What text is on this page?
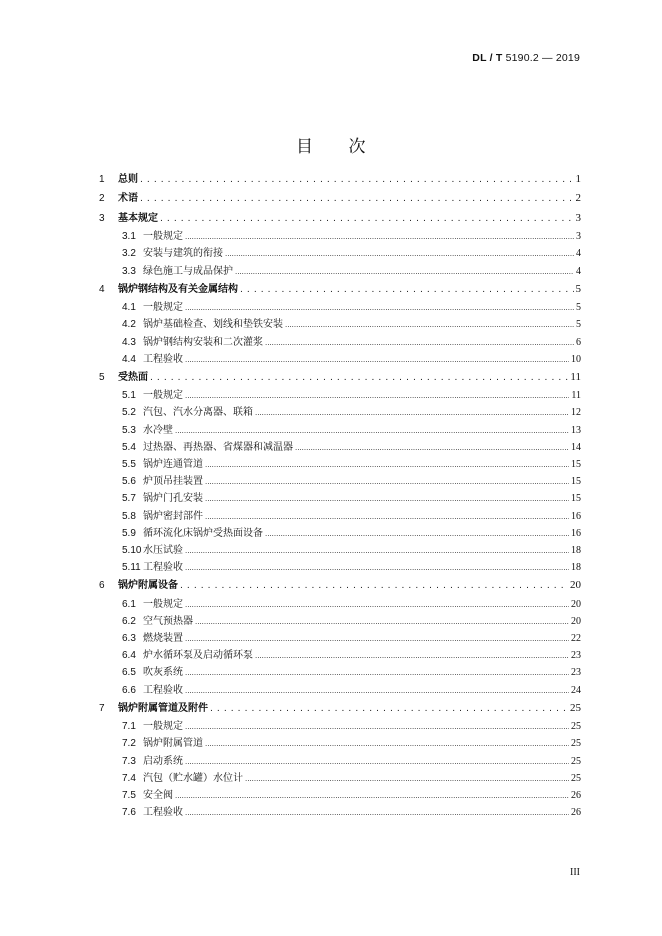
DL / T 5190.2 — 2019
目　　次
1	总则 . . .	1
2	术语 . . .	2
3	基本规定 . . .	3
3.1 一般规定 .....	3
3.2 安装与建筑的衔接 .....	4
3.3 绿色施工与成品保护 .....	4
4	锅炉钢结构及有关金属结构 . . .	5
4.1 一般规定 .....	5
4.2 锅炉基础检查、划线和垫铁安装 .....	5
4.3 锅炉钢结构安装和二次灌浆 .....	6
4.4 工程验收 .....	10
5	受热面 . . .	11
5.1 一般规定 .....	11
5.2 汽包、汽水分离器、联箱 .....	12
5.3 水冷壁 .....	13
5.4 过热器、再热器、省煤器和减温器 .....	14
5.5 锅炉连通管道 .....	15
5.6 炉顶吊挂装置 .....	15
5.7 锅炉门孔安装 .....	15
5.8 锅炉密封部件 .....	16
5.9 循环流化床锅炉受热面设备 .....	16
5.10 水压试验 .....	18
5.11 工程验收 .....	18
6	锅炉附属设备 . . .	20
6.1 一般规定 .....	20
6.2 空气预热器 .....	20
6.3 燃烧装置 .....	22
6.4 炉水循环泵及启动循环泵 .....	23
6.5 吹灰系统 .....	23
6.6 工程验收 .....	24
7	锅炉附属管道及附件 . . .	25
7.1 一般规定 .....	25
7.2 锅炉附属管道 .....	25
7.3 启动系统 .....	25
7.4 汽包（贮水罐）水位计 .....	25
7.5 安全阀 .....	26
7.6 工程验收 .....	26
III
